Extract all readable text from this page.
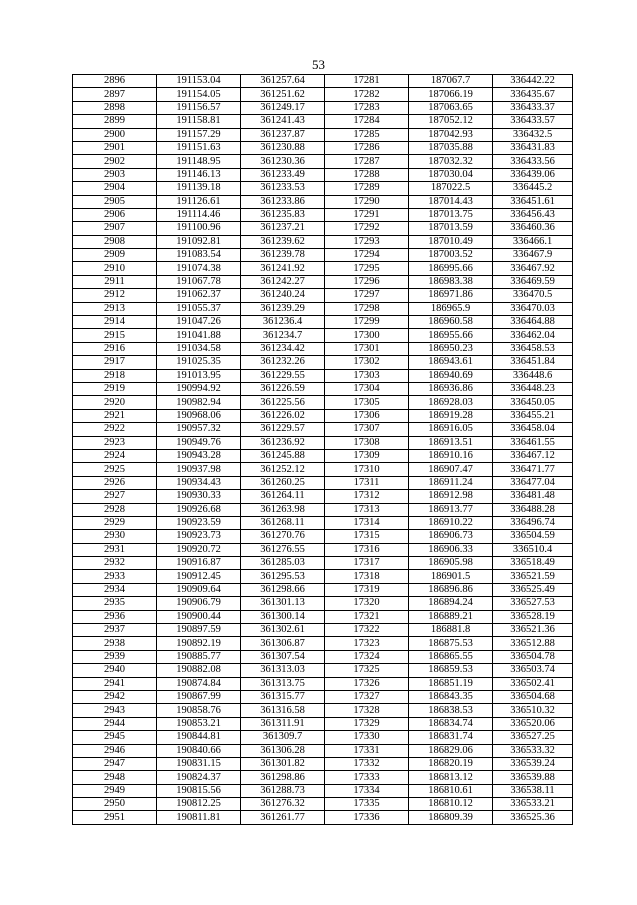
53
2896	191153.04	361257.64	17281	187067.7	336442.22
2897	191154.05	361251.62	17282	187066.19	336435.67
2898	191156.57	361249.17	17283	187063.65	336433.37
2899	191158.81	361241.43	17284	187052.12	336433.57
2900	191157.29	361237.87	17285	187042.93	336432.5
2901	191151.63	361230.88	17286	187035.88	336431.83
2902	191148.95	361230.36	17287	187032.32	336433.56
2903	191146.13	361233.49	17288	187030.04	336439.06
2904	191139.18	361233.53	17289	187022.5	336445.2
2905	191126.61	361233.86	17290	187014.43	336451.61
2906	191114.46	361235.83	17291	187013.75	336456.43
2907	191100.96	361237.21	17292	187013.59	336460.36
2908	191092.81	361239.62	17293	187010.49	336466.1
2909	191083.54	361239.78	17294	187003.52	336467.9
2910	191074.38	361241.92	17295	186995.66	336467.92
2911	191067.78	361242.27	17296	186983.38	336469.59
2912	191062.37	361240.24	17297	186971.86	336470.5
2913	191055.37	361239.29	17298	186965.9	336470.03
2914	191047.26	361236.4	17299	186960.58	336464.88
2915	191041.88	361234.7	17300	186955.66	336462.04
2916	191034.58	361234.42	17301	186950.23	336458.53
2917	191025.35	361232.26	17302	186943.61	336451.84
2918	191013.95	361229.55	17303	186940.69	336448.6
2919	190994.92	361226.59	17304	186936.86	336448.23
2920	190982.94	361225.56	17305	186928.03	336450.05
2921	190968.06	361226.02	17306	186919.28	336455.21
2922	190957.32	361229.57	17307	186916.05	336458.04
2923	190949.76	361236.92	17308	186913.51	336461.55
2924	190943.28	361245.88	17309	186910.16	336467.12
2925	190937.98	361252.12	17310	186907.47	336471.77
2926	190934.43	361260.25	17311	186911.24	336477.04
2927	190930.33	361264.11	17312	186912.98	336481.48
2928	190926.68	361263.98	17313	186913.77	336488.28
2929	190923.59	361268.11	17314	186910.22	336496.74
2930	190923.73	361270.76	17315	186906.73	336504.59
2931	190920.72	361276.55	17316	186906.33	336510.4
2932	190916.87	361285.03	17317	186905.98	336518.49
2933	190912.45	361295.53	17318	186901.5	336521.59
2934	190909.64	361298.66	17319	186896.86	336525.49
2935	190906.79	361301.13	17320	186894.24	336527.53
2936	190900.44	361300.14	17321	186889.21	336528.19
2937	190897.59	361302.61	17322	186881.8	336521.36
2938	190892.19	361306.87	17323	186875.53	336512.88
2939	190885.77	361307.54	17324	186865.55	336504.78
2940	190882.08	361313.03	17325	186859.53	336503.74
2941	190874.84	361313.75	17326	186851.19	336502.41
2942	190867.99	361315.77	17327	186843.35	336504.68
2943	190858.76	361316.58	17328	186838.53	336510.32
2944	190853.21	361311.91	17329	186834.74	336520.06
2945	190844.81	361309.7	17330	186831.74	336527.25
2946	190840.66	361306.28	17331	186829.06	336533.32
2947	190831.15	361301.82	17332	186820.19	336539.24
2948	190824.37	361298.86	17333	186813.12	336539.88
2949	190815.56	361288.73	17334	186810.61	336538.11
2950	190812.25	361276.32	17335	186810.12	336533.21
2951	190811.81	361261.77	17336	186809.39	336525.36
